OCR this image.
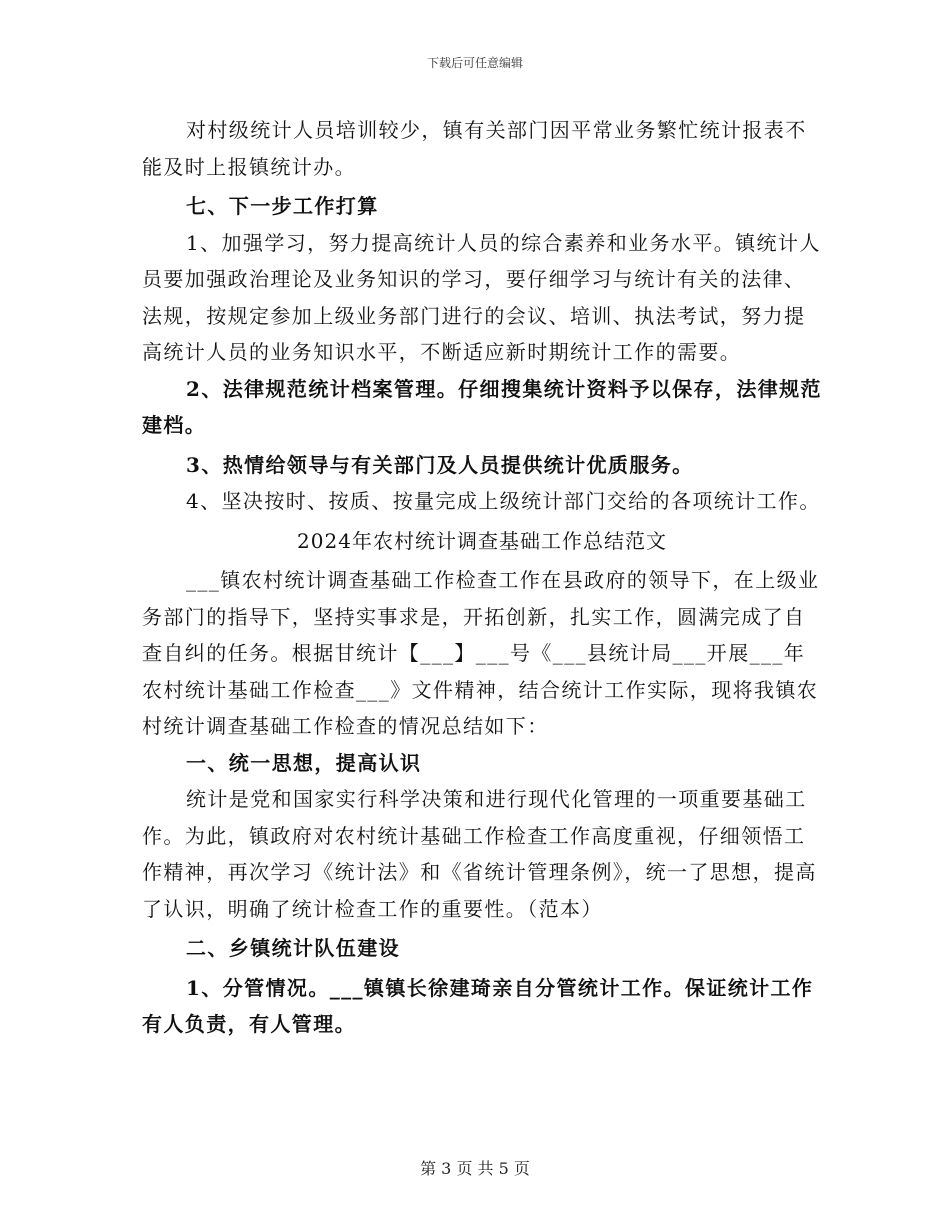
下载后可任意编辑

对村级统计人员培训较少，镇有关部门因平常业务繁忙统计报表不能及时上报镇统计办。

七、下一步工作打算

1、加强学习，努力提高统计人员的综合素养和业务水平。镇统计人员要加强政治理论及业务知识的学习，要仔细学习与统计有关的法律、法规，按规定参加上级业务部门进行的会议、培训、执法考试，努力提高统计人员的业务知识水平，不断适应新时期统计工作的需要。

2、法律规范统计档案管理。仔细搜集统计资料予以保存，法律规范建档。

3、热情给领导与有关部门及人员提供统计优质服务。

4、坚决按时、按质、按量完成上级统计部门交给的各项统计工作。

2024年农村统计调查基础工作总结范文

___镇农村统计调查基础工作检查工作在县政府的领导下，在上级业务部门的指导下，坚持实事求是，开拓创新，扎实工作，圆满完成了自查自纠的任务。根据甘统计【___】___号《___县统计局___开展___年农村统计基础工作检查___》文件精神，结合统计工作实际，现将我镇农村统计调查基础工作检查的情况总结如下：

一、统一思想，提高认识

统计是党和国家实行科学决策和进行现代化管理的一项重要基础工作。为此，镇政府对农村统计基础工作检查工作高度重视，仔细领悟工作精神，再次学习《统计法》和《省统计管理条例》，统一了思想，提高了认识，明确了统计检查工作的重要性。（范本）

二、乡镇统计队伍建设

1、分管情况。___镇镇长徐建琦亲自分管统计工作。保证统计工作有人负责，有人管理。

第 3 页 共 5 页
